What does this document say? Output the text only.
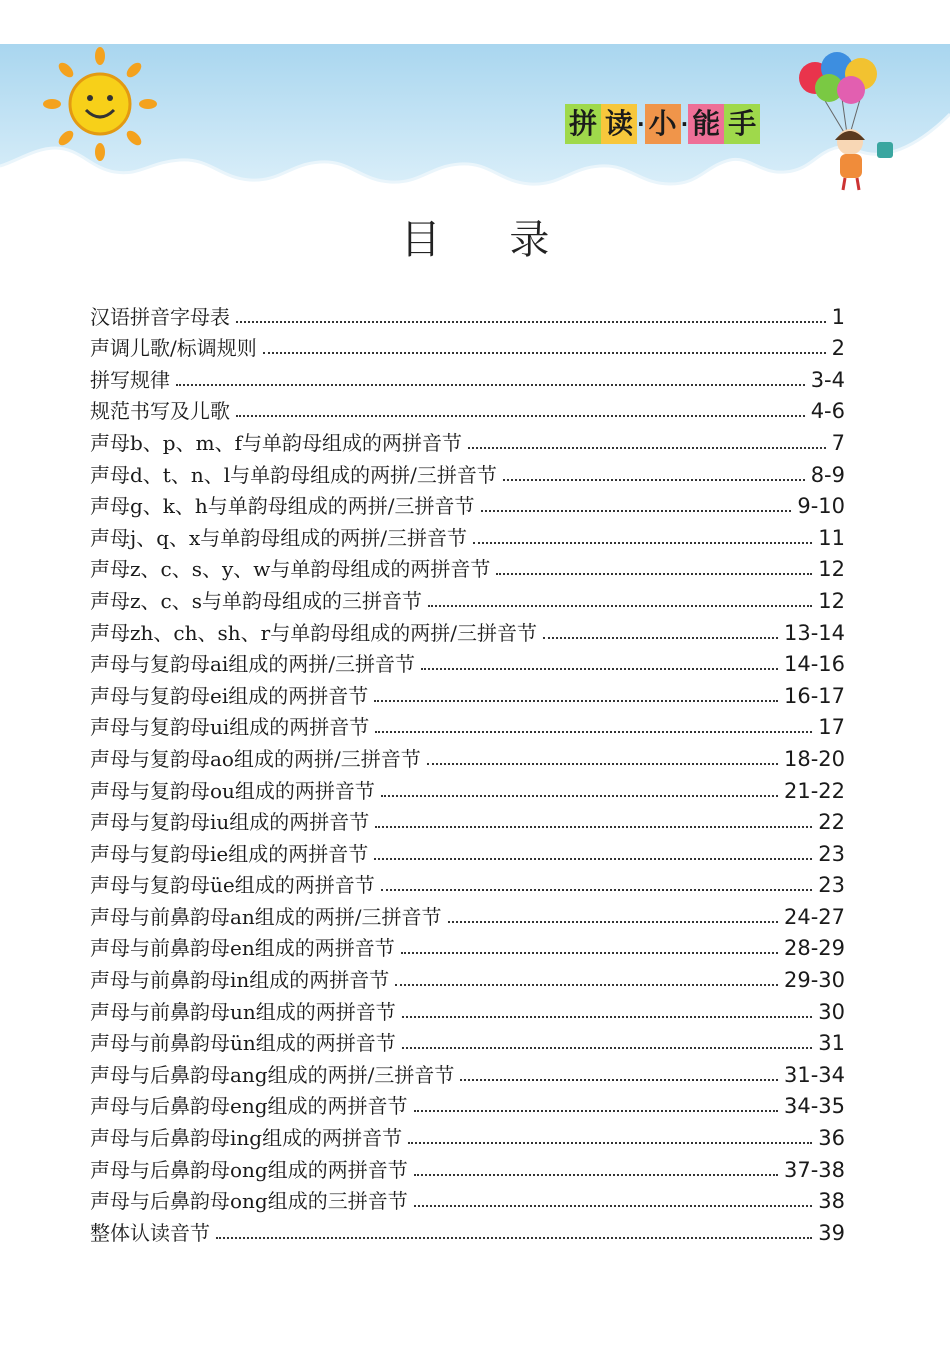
拼 读 · 小 · 能 手
目 录
汉语拼音字母表	1
声调儿歌/标调规则	2
拼写规律	3-4
规范书写及儿歌	4-6
声母b、p、m、f与单韵母组成的两拼音节	7
声母d、t、n、l与单韵母组成的两拼/三拼音节	8-9
声母g、k、h与单韵母组成的两拼/三拼音节	9-10
声母j、q、x与单韵母组成的两拼/三拼音节	11
声母z、c、s、y、w与单韵母组成的两拼音节	12
声母z、c、s与单韵母组成的三拼音节	12
声母zh、ch、sh、r与单韵母组成的两拼/三拼音节	13-14
声母与复韵母ai组成的两拼/三拼音节	14-16
声母与复韵母ei组成的两拼音节	16-17
声母与复韵母ui组成的两拼音节	17
声母与复韵母ao组成的两拼/三拼音节	18-20
声母与复韵母ou组成的两拼音节	21-22
声母与复韵母iu组成的两拼音节	22
声母与复韵母ie组成的两拼音节	23
声母与复韵母üe组成的两拼音节	23
声母与前鼻韵母an组成的两拼/三拼音节	24-27
声母与前鼻韵母en组成的两拼音节	28-29
声母与前鼻韵母in组成的两拼音节	29-30
声母与前鼻韵母un组成的两拼音节	30
声母与前鼻韵母ün组成的两拼音节	31
声母与后鼻韵母ang组成的两拼/三拼音节	31-34
声母与后鼻韵母eng组成的两拼音节	34-35
声母与后鼻韵母ing组成的两拼音节	36
声母与后鼻韵母ong组成的两拼音节	37-38
声母与后鼻韵母ong组成的三拼音节	38
整体认读音节	39
